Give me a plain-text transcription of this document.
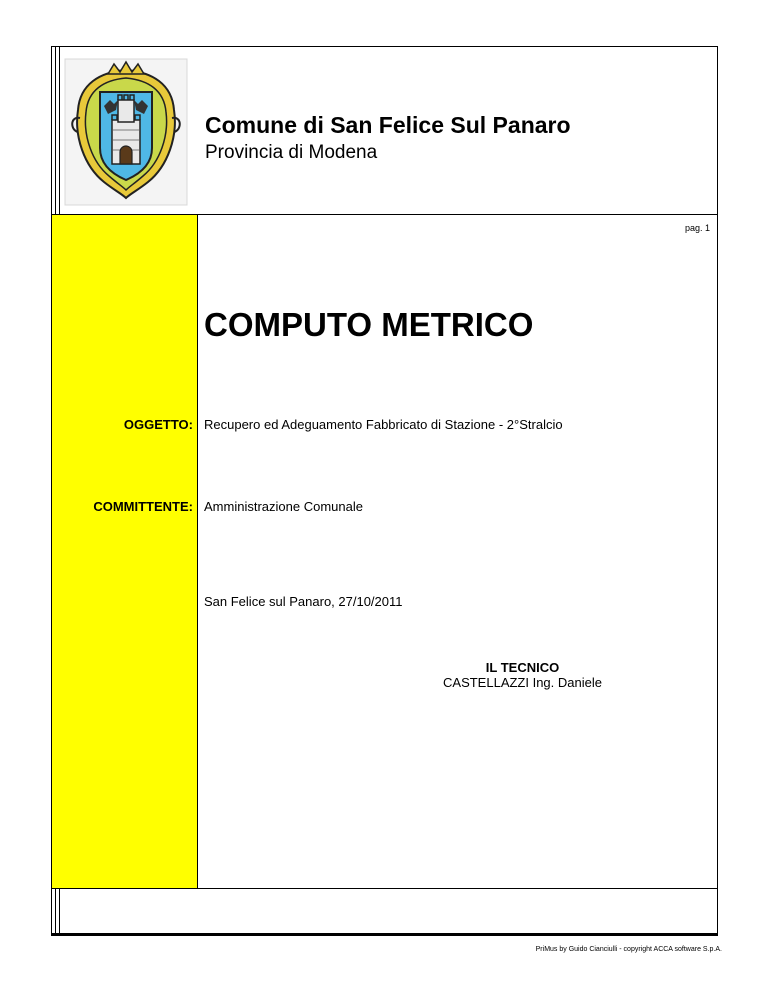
Comune di San Felice Sul Panaro
Provincia di Modena
pag. 1
COMPUTO METRICO
OGGETTO: Recupero ed Adeguamento Fabbricato di Stazione - 2°Stralcio
COMMITTENTE: Amministrazione Comunale
San Felice sul Panaro, 27/10/2011
IL TECNICO
CASTELLAZZI Ing. Daniele
PriMus by Guido Cianciulli - copyright ACCA software S.p.A.
